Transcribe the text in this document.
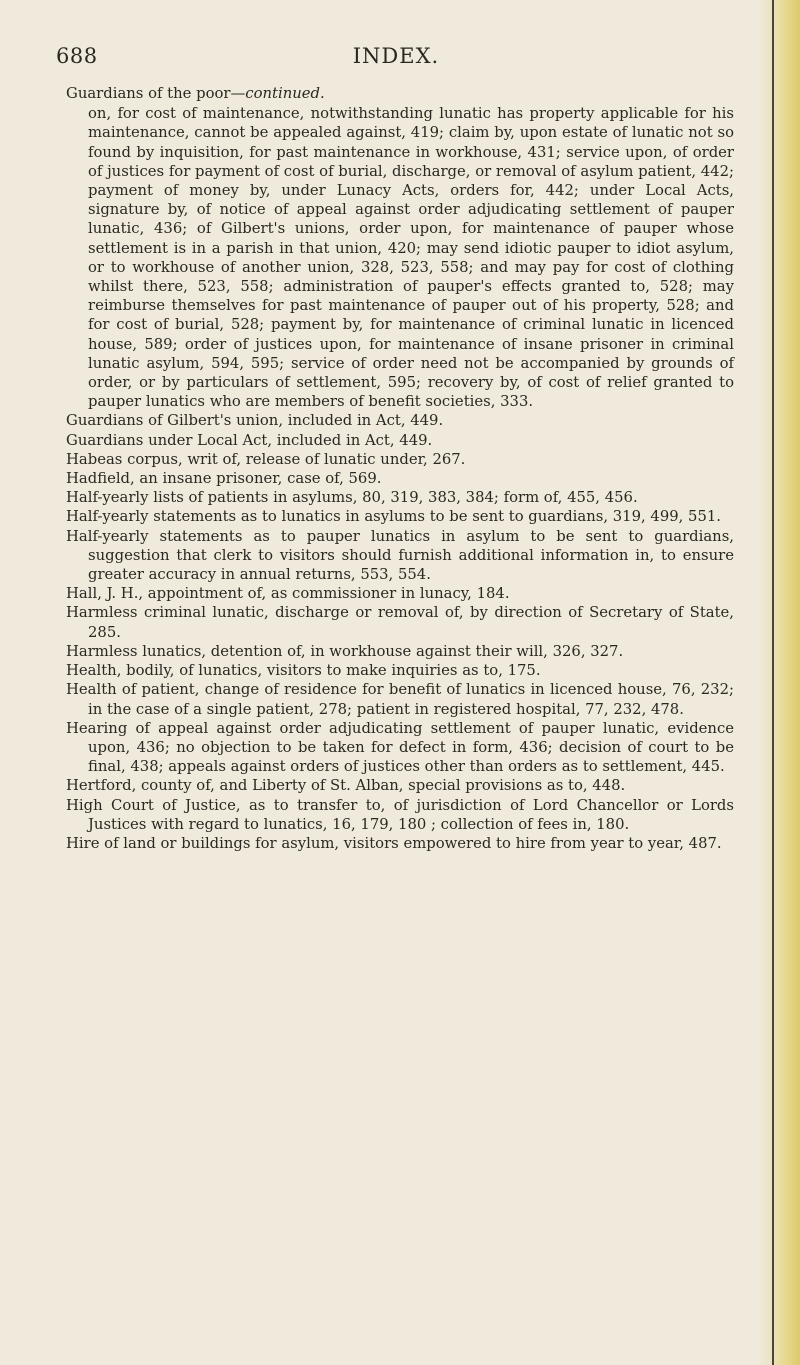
688	INDEX.

Guardians of the poor—continued.

on, for cost of maintenance, notwithstanding lunatic has property applicable for his maintenance, cannot be appealed against, 419; claim by, upon estate of lunatic not so found by inquisition, for past maintenance in workhouse, 431; service upon, of order of justices for payment of cost of burial, discharge, or removal of asylum patient, 442; payment of money by, under Lunacy Acts, orders for, 442; under Local Acts, signature by, of notice of appeal against order adjudicating settlement of pauper lunatic, 436; of Gilbert's unions, order upon, for maintenance of pauper whose settlement is in a parish in that union, 420; may send idiotic pauper to idiot asylum, or to workhouse of another union, 328, 523, 558; and may pay for cost of clothing whilst there, 523, 558; administration of pauper's effects granted to, 528; may reimburse themselves for past maintenance of pauper out of his property, 528; and for cost of burial, 528; payment by, for maintenance of criminal lunatic in licenced house, 589; order of justices upon, for maintenance of insane prisoner in criminal lunatic asylum, 594, 595; service of order need not be accompanied by grounds of order, or by particulars of settlement, 595; recovery by, of cost of relief granted to pauper lunatics who are members of benefit societies, 333.

Guardians of Gilbert's union, included in Act, 449.

Guardians under Local Act, included in Act, 449.

Habeas corpus, writ of, release of lunatic under, 267.

Hadfield, an insane prisoner, case of, 569.

Half-yearly lists of patients in asylums, 80, 319, 383, 384; form of, 455, 456.

Half-yearly statements as to lunatics in asylums to be sent to guardians, 319, 499, 551.

Half-yearly statements as to pauper lunatics in asylum to be sent to guardians, suggestion that clerk to visitors should furnish additional information in, to ensure greater accuracy in annual returns, 553, 554.

Hall, J. H., appointment of, as commissioner in lunacy, 184.

Harmless criminal lunatic, discharge or removal of, by direction of Secretary of State, 285.

Harmless lunatics, detention of, in workhouse against their will, 326, 327.

Health, bodily, of lunatics, visitors to make inquiries as to, 175.

Health of patient, change of residence for benefit of lunatics in licenced house, 76, 232; in the case of a single patient, 278; patient in registered hospital, 77, 232, 478.

Hearing of appeal against order adjudicating settlement of pauper lunatic, evidence upon, 436; no objection to be taken for defect in form, 436; decision of court to be final, 438; appeals against orders of justices other than orders as to settlement, 445.

Hertford, county of, and Liberty of St. Alban, special provisions as to, 448.

High Court of Justice, as to transfer to, of jurisdiction of Lord Chancellor or Lords Justices with regard to lunatics, 16, 179, 180 ; collection of fees in, 180.

Hire of land or buildings for asylum, visitors empowered to hire from year to year, 487.
